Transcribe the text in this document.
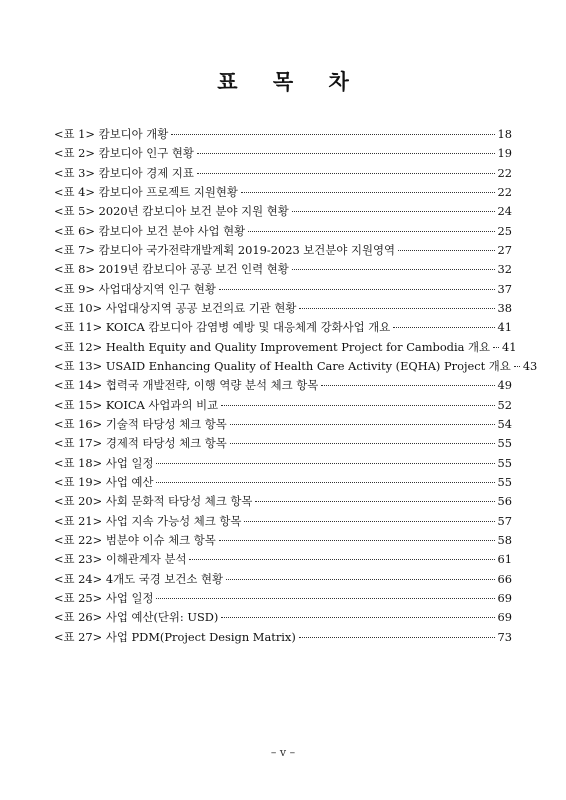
표 목 차
<표 1> 캄보디아 개황	18
<표 2> 캄보디아 인구 현황	19
<표 3> 캄보디아 경제 지표	22
<표 4> 캄보디아 프로젝트 지원현황	22
<표 5> 2020년 캄보디아 보건 분야 지원 현황	24
<표 6> 캄보디아 보건 분야 사업 현황	25
<표 7> 캄보디아 국가전략개발계획 2019-2023 보건분야 지원영역	27
<표 8> 2019년 캄보디아 공공 보건 인력 현황	32
<표 9> 사업대상지역 인구 현황	37
<표 10> 사업대상지역 공공 보건의료 기관 현황	38
<표 11> KOICA 캄보디아 감염병 예방 및 대응체계 강화사업 개요	41
<표 12> Health Equity and Quality Improvement Project for Cambodia 개요 41
<표 13> USAID Enhancing Quality of Health Care Activity (EQHA) Project 개요 43
<표 14> 협력국 개발전략, 이행 역량 분석 체크 항목	49
<표 15> KOICA 사업과의 비교	52
<표 16> 기술적 타당성 체크 항목	54
<표 17> 경제적 타당성 체크 항목	55
<표 18> 사업 일정	55
<표 19> 사업 예산	55
<표 20> 사회 문화적 타당성 체크 항목	56
<표 21> 사업 지속 가능성 체크 항목	57
<표 22> 범분야 이슈 체크 항목	58
<표 23> 이해관계자 분석	61
<표 24> 4개도 국경 보건소 현황	66
<표 25> 사업 일정	69
<표 26> 사업 예산(단위: USD)	69
<표 27> 사업 PDM(Project Design Matrix)	73
– v –
